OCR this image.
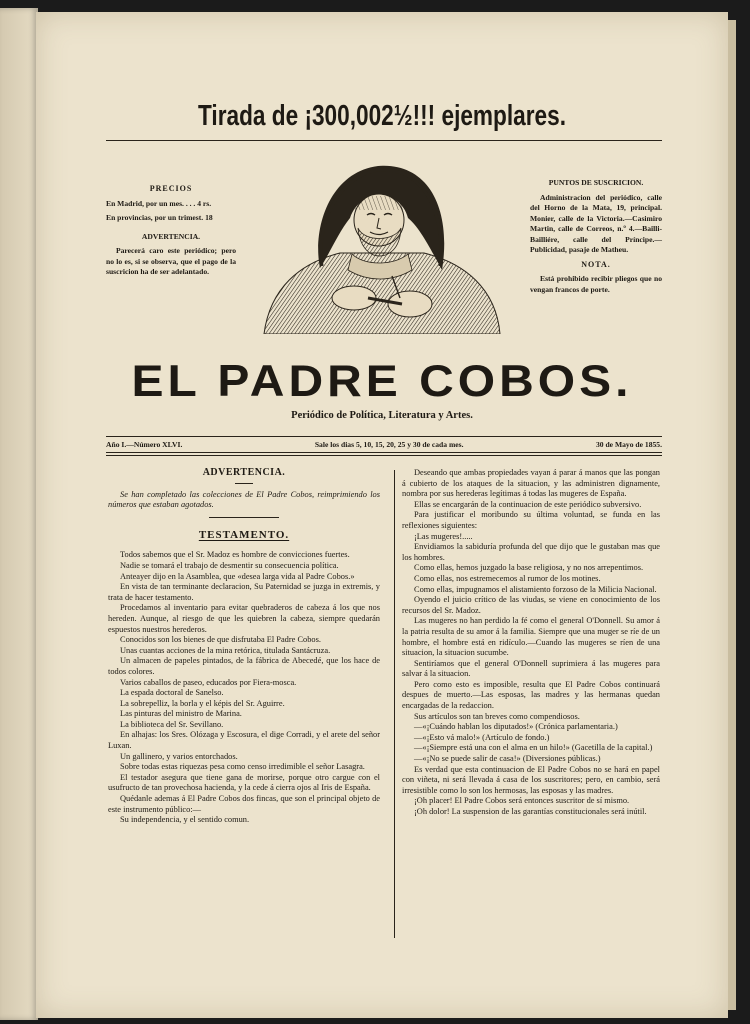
Tirada de ¡300,002½!!! ejemplares.
PRECIOS

En Madrid, por un mes. . . . 4 rs.

En provincias, por un trimest. 18

ADVERTENCIA.

Parecerá caro este periódico; pero no lo es, si se observa, que el pago de la suscricion ha de ser adelantado.

PUNTOS DE SUSCRICION.

Administracion del periódico, calle del Horno de la Mata, 19, principal. Monier, calle de la Victoria.—Casimiro Martin, calle de Correos, n.º 4.—Bailli-Bailliére, calle del Príncipe.—Publicidad, pasaje de Matheu.

NOTA.

Está prohibido recibir pliegos que no vengan francos de porte.

EL PADRE COBOS.
Periódico de Política, Literatura y Artes.
Año I.—Número XLVI.	Sale los dias 5, 10, 15, 20, 25 y 30 de cada mes.	30 de Mayo de 1855.

ADVERTENCIA.

Se han completado las colecciones de El Padre Cobos, reimprimiendo los números que estaban agotados.

TESTAMENTO.

Todos sabemos que el Sr. Madoz es hombre de convicciones fuertes.

Nadie se tomará el trabajo de desmentir su consecuencia política.

Anteayer dijo en la Asamblea, que «desea larga vida al Padre Cobos.»

En vista de tan terminante declaracion, Su Paternidad se juzga in extremis, y trata de hacer testamento.

Procedamos al inventario para evitar quebraderos de cabeza á los que nos hereden. Aunque, al riesgo de que les quiebren la cabeza, siempre quedarán espuestos nuestros herederos.

Conocidos son los bienes de que disfrutaba El Padre Cobos.

Unas cuantas acciones de la mina retórica, titulada Santácruza.

Un almacen de papeles pintados, de la fábrica de Abecedé, que los hace de todos colores.

Varios caballos de paseo, educados por Fiera-mosca.

La espada doctoral de Sanelso.

La sobrepelliz, la borla y el képis del Sr. Aguirre.

Las pinturas del ministro de Marina.

La biblioteca del Sr. Sevillano.

En alhajas: los Sres. Olózaga y Escosura, el dige Corradi, y el arete del señor Luxan.

Un gallinero, y varios entorchados.

Sobre todas estas riquezas pesa como censo irredimible el señor Lasagra.

El testador asegura que tiene gana de morirse, porque otro cargue con el usufructo de tan provechosa hacienda, y la cede á cierra ojos al Iris de España.

Quédanle ademas á El Padre Cobos dos fincas, que son el principal objeto de este instrumento público:—

Su independencia, y el sentido comun.

Deseando que ambas propiedades vayan á parar á manos que las pongan á cubierto de los ataques de la situacion, y las administren dignamente, nombra por sus herederas legítimas á todas las mugeres de España.

Ellas se encargarán de la continuacion de este periódico subversivo.

Para justificar el moribundo su última voluntad, se funda en las reflexiones siguientes:

¡Las mugeres!.....

Envidiamos la sabiduría profunda del que dijo que le gustaban mas que los hombres.

Como ellas, hemos juzgado la base religiosa, y no nos arrepentimos.

Como ellas, nos estremecemos al rumor de los motines.

Como ellas, impugnamos el alistamiento forzoso de la Milicia Nacional.

Oyendo el juicio crítico de las viudas, se viene en conocimiento de los recursos del Sr. Madoz.

Las mugeres no han perdido la fé como el general O'Donnell. Su amor á la patria resulta de su amor á la familia. Siempre que una muger se ríe de un hombre, el hombre está en ridículo.—Cuando las mugeres se ríen de una situacion, la situacion sucumbe.

Sentiríamos que el general O'Donnell suprimiera á las mugeres para salvar á la situacion.

Pero como esto es imposible, resulta que El Padre Cobos continuará despues de muerto.—Las esposas, las madres y las hermanas quedan encargadas de la redaccion.

Sus artículos son tan breves como compendiosos.

—«¡Cuándo hablan los diputados!» (Crónica parlamentaria.)

—«¡Esto vá malo!» (Artículo de fondo.)

—«¡Siempre está una con el alma en un hilo!» (Gacetilla de la capital.)

—«¡No se puede salir de casa!» (Diversiones públicas.)

Es verdad que esta continuacion de El Padre Cobos no se hará en papel con viñeta, ni será llevada á casa de los suscritores; pero, en cambio, será irresistible como lo son los hermosas, las esposas y las madres.

¡Oh placer! El Padre Cobos será entonces suscritor de sí mismo.

¡Oh dolor! La suspension de las garantías constitucionales será inútil.
